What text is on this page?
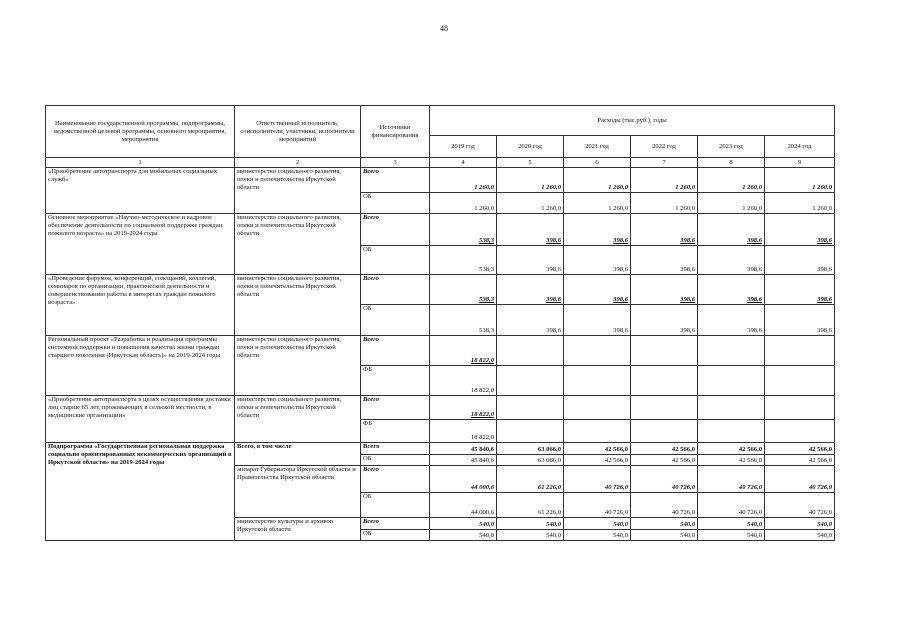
48
Наименование государственной программы, подпрограммы, ведомственной целевой программы, основного мероприятия, мероприятия	Ответственный исполнитель, соисполнители, участники, исполнители мероприятий	Источники финансирования	Расходы (тыс.руб.), годы					
			2019 год	2020 год	2021 год	2022 год	2023 год	2024 год
1	2	3	4	5	6	7	8	9
«Приобретение автотранспорта для мобильных социальных служб»	министерство социального развития, опеки и попечительства Иркутской области	Всего	1 260,0	1 260,0	1 260,0	1 260,0	1 260,0	1 260,0
		ОБ	1 260,0	1 260,0	1 260,0	1 260,0	1 260,0	1 260,0
Основное мероприятие «Научно-методическое и кадровое обеспечение деятельности по социальной поддержке граждан пожилого возраста» на 2019-2024 годы	министерство социального развития, опеки и попечительства Иркутской области	Всего	538,3	398,6	398,6	398,6	398,6	398,6
		ОБ	538,3	398,6	398,6	398,6	398,6	398,6
«Проведение форумов, конференций, совещаний, коллегий, семинаров по организации, практической деятельности и совершенствованию работы в интересах граждан пожилого возраста»	министерство социального развития, опеки и попечительства Иркутской области	Всего	538,3	398,6	398,6	398,6	398,6	398,6
		ОБ	538,3	398,6	398,6	398,6	398,6	398,6
Региональный проект «Разработка и реализация программы системной поддержки и повышения качества жизни граждан старшего поколения (Иркутская область)» на 2019-2024 годы	министерство социального развития, опеки и попечительства Иркутской области	Всего	18 822,0					
		ФБ	18 822,0					
«Приобретение автотранспорта в целях осуществления доставки лиц старше 65 лет, проживающих в сельской местности, в медицинские организации»	министерство социального развития, опеки и попечительства Иркутской области	Всего	18 822,0					
		ФБ	18 822,0					
Подпрограмма «Государственная региональная поддержка социально ориентированных некоммерческих организаций в Иркутской области» на 2019-2024 годы	Всего, в том числе	Всего	45 840,6	63 066,0	42 566,0	42 566,0	42 566,0	42 566,0
		ОБ	45 840,6	63 066,0	42 566,0	42 566,0	42 566,0	42 566,0
	аппарат Губернатора Иркутской области и Правительства Иркутской области	Всего	44 000,6	61 226,0	40 726,0	40 726,0	40 726,0	40 726,0
		ОБ	44 000,6	61 226,0	40 726,0	40 726,0	40 726,0	40 726,0
	министерство культуры и архивов Иркутской области	Всего	540,0	540,0	540,0	540,0	540,0	540,0
		ОБ	540,0	540,0	540,0	540,0	540,0	540,0
